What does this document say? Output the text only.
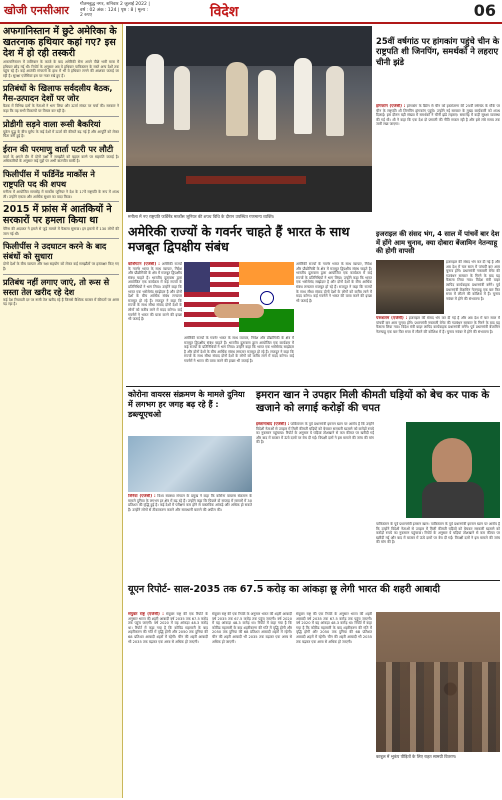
खोजी एनसीआर गौतमबुद्ध नगर, शनिवार 2 जुलाई 2022 | वर्ष : 02 अंक : 124 | पृष्ठ : 8 | मूल्य : 2 रुपए	विदेश	06
अफगानिस्तान में छुटे अमेरिका के खतरनाक हथियार कहां गए? इस देश में हो रही तस्करी
अफगानिस्तान में तालिबान के कब्जे के बाद अमेरिकी सेना अपने पीछे भारी मात्रा में हथियार छोड़ गई थी। रिपोर्ट के अनुसार अब ये हथियार पाकिस्तान के रास्ते अन्य देशों तक पहुंच रहे हैं। कई आतंकी संगठनों के हाथ में भी ये हथियार लगने की आशंका जताई जा रही है। सुरक्षा एजेंसियां इस पर नजर रखे हुए हैं।
प्रतिबंधों के खिलाफ सर्वदलीय बैठक, गैस-उत्पादन देशों पर जोर
बैठक में विभिन्न दलों के नेताओं ने भाग लिया और ऊर्जा संकट पर चर्चा की। सरकार ने कहा कि वह सभी विकल्पों पर विचार कर रही है।
प्रोडीगी सड़ने वाला रूसी बैकरियां
यूक्रेन युद्ध के बीच यूरोप के कई देशों में ऊर्जा की कीमतें बढ़ गई हैं और आपूर्ति को लेकर चिंता बनी हुई है।
ईरान की परमाणु वार्ता पटरी पर लौटी
वार्ता के अगले दौर में दोनों पक्षों ने समझौते को बहाल करने पर सहमति जताई है। अधिकारियों के अनुसार कई मुद्दों पर अभी बातचीत बाकी है।
फिलीपींस में फर्डिनेंड मार्कोस ने राष्ट्रपति पद की शपथ
मनीला में आयोजित समारोह में मार्कोस जूनियर ने देश के 17वें राष्ट्रपति के रूप में शपथ ली। उन्होंने एकता और आर्थिक सुधार का वादा किया।
2015 में फ्रांस में आतंकियों ने सरकारों पर हमला किया था
पेरिस की अदालत ने हमले से जुड़े मामले में फैसला सुनाया। इन हमलों में 130 लोगों की जान गई थी।
फिलीपींस ने उदघाटन करने के बाद संबंधों को सुधारा
दोनों देशों के बीच व्यापार और रक्षा सहयोग को लेकर कई समझौतों पर हस्ताक्षर किए गए हैं।
प्रतिबंध नहीं लगाए जाएं, तो रूस से सस्ता तेल खरीद रहे देश
कई देश रियायती दर पर रूसी तेल खरीद रहे हैं जिससे वैश्विक बाजार में कीमतों पर असर पड़ रहा है।
मनीला में नए राष्ट्रपति फर्डिनेंड मार्कोस जूनियर की शपथ विधि के दौरान उपस्थित गणमान्य व्यक्ति।
25वीं वर्षगांठ पर हांगकांग पहुंचे चीन के राष्ट्रपति शी जिनपिंग, समर्थकों ने लहराए चीनी झंडे
हांगकांग (एजेंसी) : हांगकांग के ब्रिटेन से चीन को हस्तांतरण की 25वीं वर्षगांठ के मौके पर चीन के राष्ट्रपति शी जिनपिंग हांगकांग पहुंचे। उन्होंने नई सरकार के मुख्य कार्यकारी को शपथ दिलाई। इस दौरान बड़ी संख्या में समर्थकों ने चीनी झंडे लहराए। समारोह में कड़ी सुरक्षा व्यवस्था की गई थी। शी ने कहा कि एक देश दो प्रणाली की नीति सफल रही है और इसे लंबे समय तक जारी रखा जाएगा।
अमेरिकी राज्यों के गवर्नर चाहते हैं भारत के साथ मजबूत द्विपक्षीय संबंध
इजराइल की संसद भंग, 4 साल में पांचवें बार देश में होंगे आम चुनाव, क्या दोबारा बेंजामिन नेतन्याहू की होगी वापसी
यरूशलम (एजेंसी) : इजराइल की संसद भंग कर दी गई है और अब देश में चार साल में पांचवीं बार आम चुनाव होंगे। प्रधानमंत्री नफ्ताली बेनेट की गठबंधन सरकार के गिरने के बाद यह फैसला लिया गया। विदेश मंत्री याइर लापिद कार्यवाहक प्रधानमंत्री बनेंगे। पूर्व प्रधानमंत्री बेंजामिन नेतन्याहू एक बार फिर सत्ता में लौटने की कोशिश में हैं। चुनाव नवंबर में होने की संभावना है।
वाशिंगटन (एजेंसी) : अमेरिकी राज्यों के गवर्नर भारत के साथ व्यापार, निवेश और प्रौद्योगिकी के क्षेत्र में मजबूत द्विपक्षीय संबंध चाहते हैं। भारतीय दूतावास द्वारा आयोजित एक कार्यक्रम में कई राज्यों के प्रतिनिधियों ने भाग लिया। उन्होंने कहा कि भारत एक भरोसेमंद साझेदार है और दोनों देशों के बीच आर्थिक संबंध लगातार मजबूत हो रहे हैं। राजदूत ने कहा कि राज्यों के साथ सीधा संवाद दोनों देशों के लोगों को करीब लाने में मदद करेगा। कई गवर्नरों ने भारत की यात्रा करने की इच्छा भी जताई है।
अमेरिकी राज्यों के गवर्नर भारत के साथ व्यापार, निवेश और प्रौद्योगिकी के क्षेत्र में मजबूत द्विपक्षीय संबंध चाहते हैं। भारतीय दूतावास द्वारा आयोजित एक कार्यक्रम में कई राज्यों के प्रतिनिधियों ने भाग लिया। उन्होंने कहा कि भारत एक भरोसेमंद साझेदार है और दोनों देशों के बीच आर्थिक संबंध लगातार मजबूत हो रहे हैं। राजदूत ने कहा कि राज्यों के साथ सीधा संवाद दोनों देशों के लोगों को करीब लाने में मदद करेगा। कई गवर्नरों ने भारत की यात्रा करने की इच्छा भी जताई है।
अमेरिकी राज्यों के गवर्नर भारत के साथ व्यापार, निवेश और प्रौद्योगिकी के क्षेत्र में मजबूत द्विपक्षीय संबंध चाहते हैं। भारतीय दूतावास द्वारा आयोजित एक कार्यक्रम में कई राज्यों के प्रतिनिधियों ने भाग लिया। उन्होंने कहा कि भारत एक भरोसेमंद साझेदार है और दोनों देशों के बीच आर्थिक संबंध लगातार मजबूत हो रहे हैं। राजदूत ने कहा कि राज्यों के साथ सीधा संवाद दोनों देशों के लोगों को करीब लाने में मदद करेगा। कई गवर्नरों ने भारत की यात्रा करने की इच्छा भी जताई है।
इजराइल की संसद भंग कर दी गई है और अब देश में चार साल में पांचवीं बार आम चुनाव होंगे। प्रधानमंत्री नफ्ताली बेनेट की गठबंधन सरकार के गिरने के बाद यह फैसला लिया गया। विदेश मंत्री याइर लापिद कार्यवाहक प्रधानमंत्री बनेंगे। पूर्व प्रधानमंत्री बेंजामिन नेतन्याहू एक बार फिर सत्ता में लौटने की कोशिश में हैं। चुनाव नवंबर में होने की संभावना है।
कोरोना वायरस संक्रमण के मामले दुनिया में लगभग हर जगह बढ़ रहे हैं : डब्ल्यूएचओ
जिनेवा (एजेंसी) : विश्व स्वास्थ्य संगठन के प्रमुख ने कहा कि कोरोना वायरस संक्रमण के मामले दुनिया के लगभग हर क्षेत्र में बढ़ रहे हैं। उन्होंने कहा कि पिछले दो सप्ताह में मामलों में 30 प्रतिशत की वृद्धि हुई है। कई देशों में परीक्षण कम होने से वास्तविक आंकड़े और अधिक हो सकते हैं। उन्होंने लोगों से टीकाकरण कराने और सावधानी बरतने की अपील की।
इमरान खान ने उपहार मिली कीमती घड़ियों को बेच कर पाक के खजाने को लगाई करोड़ों की चपत
इस्लामाबाद (एजेंसी) : पाकिस्तान के पूर्व प्रधानमंत्री इमरान खान पर आरोप है कि उन्होंने विदेशी नेताओं से उपहार में मिली कीमती घड़ियों को बेचकर सरकारी खजाने को करोड़ों रुपये का नुकसान पहुंचाया। रिपोर्ट के अनुसार ये घड़ियां तोशखाने से कम कीमत पर खरीदी गईं और बाद में बाजार में ऊंचे दामों पर बेच दी गईं। विपक्षी दलों ने इस मामले की जांच की मांग की है।
पाकिस्तान के पूर्व प्रधानमंत्री इमरान खान। पाकिस्तान के पूर्व प्रधानमंत्री इमरान खान पर आरोप है कि उन्होंने विदेशी नेताओं से उपहार में मिली कीमती घड़ियों को बेचकर सरकारी खजाने को करोड़ों रुपये का नुकसान पहुंचाया। रिपोर्ट के अनुसार ये घड़ियां तोशखाने से कम कीमत पर खरीदी गईं और बाद में बाजार में ऊंचे दामों पर बेच दी गईं। विपक्षी दलों ने इस मामले की जांच की मांग की है।
यूएन रिपोर्ट- साल-2035 तक 67.5 करोड़ का आंकड़ा छू लेगी भारत की शहरी आबादी
संयुक्त राष्ट्र (एजेंसी) : संयुक्त राष्ट्र की एक रिपोर्ट के अनुसार भारत की शहरी आबादी वर्ष 2035 तक 67.5 करोड़ तक पहुंच जाएगी। वर्ष 2020 में यह आंकड़ा 48.3 करोड़ था। रिपोर्ट में कहा गया है कि कोविड महामारी के बाद शहरीकरण की गति में वृद्धि होगी और 2050 तक दुनिया की 68 प्रतिशत आबादी शहरों में रहेगी। चीन की शहरी आबादी भी 2035 तक बढ़कर एक अरब से अधिक हो जाएगी।
संयुक्त राष्ट्र की एक रिपोर्ट के अनुसार भारत की शहरी आबादी वर्ष 2035 तक 67.5 करोड़ तक पहुंच जाएगी। वर्ष 2020 में यह आंकड़ा 48.3 करोड़ था। रिपोर्ट में कहा गया है कि कोविड महामारी के बाद शहरीकरण की गति में वृद्धि होगी और 2050 तक दुनिया की 68 प्रतिशत आबादी शहरों में रहेगी। चीन की शहरी आबादी भी 2035 तक बढ़कर एक अरब से अधिक हो जाएगी।
संयुक्त राष्ट्र की एक रिपोर्ट के अनुसार भारत की शहरी आबादी वर्ष 2035 तक 67.5 करोड़ तक पहुंच जाएगी। वर्ष 2020 में यह आंकड़ा 48.3 करोड़ था। रिपोर्ट में कहा गया है कि कोविड महामारी के बाद शहरीकरण की गति में वृद्धि होगी और 2050 तक दुनिया की 68 प्रतिशत आबादी शहरों में रहेगी। चीन की शहरी आबादी भी 2035 तक बढ़कर एक अरब से अधिक हो जाएगी।
काबुल में भूकंप पीड़ितों के लिए राहत सामग्री वितरण।
